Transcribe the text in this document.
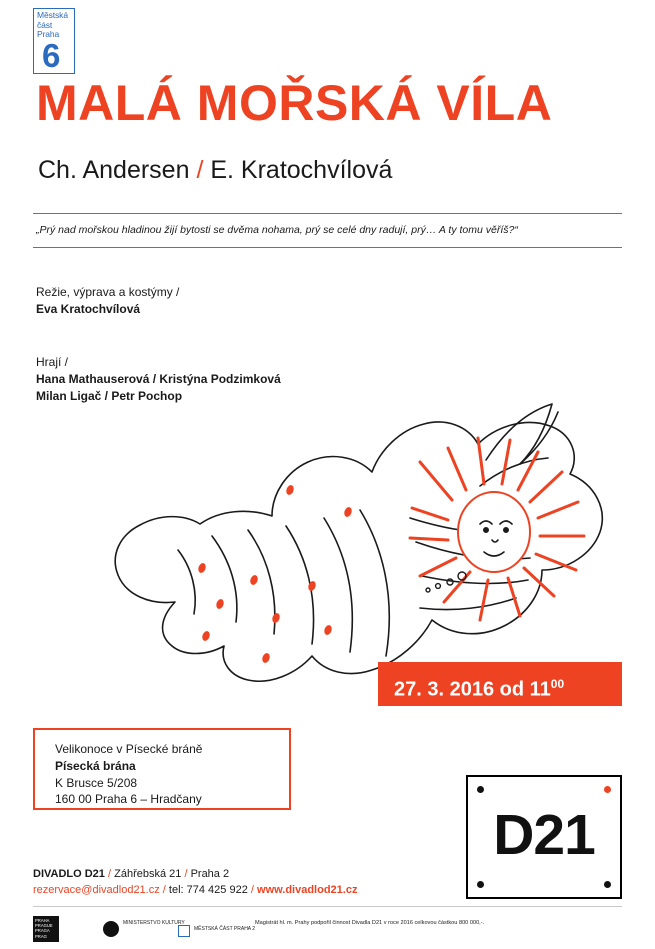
Městská
část
Praha
6
MALÁ MOŘSKÁ VÍLA
Ch. Andersen / E. Kratochvílová
„Prý nad mořskou hladinou žijí bytosti se dvěma nohama, prý se celé dny radují, prý… A ty tomu věříš?“
Režie, výprava a kostýmy /
Eva Kratochvílová
Hrají /
Hana Mathauserová / Kristýna Podzimková
Milan Ligač / Petr Pochop
27. 3. 2016 od $11^{00}$
Velikonoce v Písecké bráně
Písecká brána
K Brusce 5/208
160 00 Praha 6 – Hradčany
D21
DIVADLO D21 / Záhřebská 21 / Praha 2
rezervace@divadlod21.cz / tel: 774 425 922 / www.divadlod21.cz
PRAHA PRAGUE PRAGA PRAG
MINISTERSTVO KULTURY
MĚSTSKÁ ČÁST PRAHA 2
Magistrát hl. m. Prahy podpořil činnost Divadla D21 v roce 2016 celkovou částkou 800 000,-.
